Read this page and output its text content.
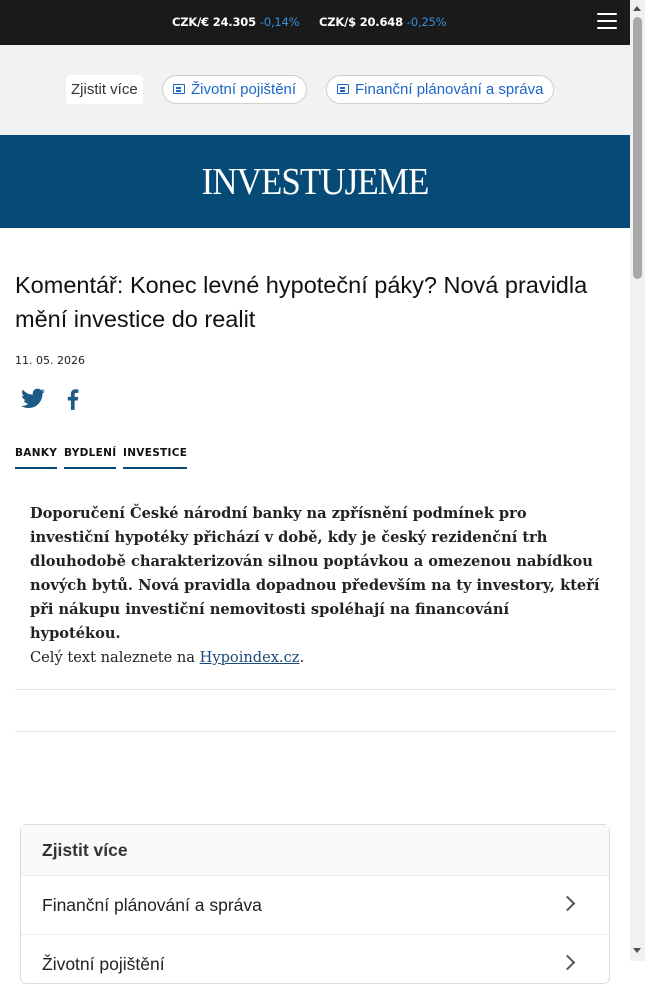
CZK/€ 24.305 -0,14% CZK/$ 20.648 -0,25%
Zjistit více	Životní pojištění	Finanční plánování a správa
INVESTUJEME
Komentář: Konec levné hypoteční páky? Nová pravidla mění investice do realit
11. 05. 2026
BANKY BYDLENÍ INVESTICE

Doporučení České národní banky na zpřísnění podmínek pro investiční hypotéky přichází v době, kdy je český rezidenční trh dlouhodobě charakterizován silnou poptávkou a omezenou nabídkou nových bytů. Nová pravidla dopadnou především na ty investory, kteří při nákupu investiční nemovitosti spoléhají na financování hypotékou.

Celý text naleznete na Hypoindex.cz.

Zjistit více
Finanční plánování a správa
Životní pojištění
